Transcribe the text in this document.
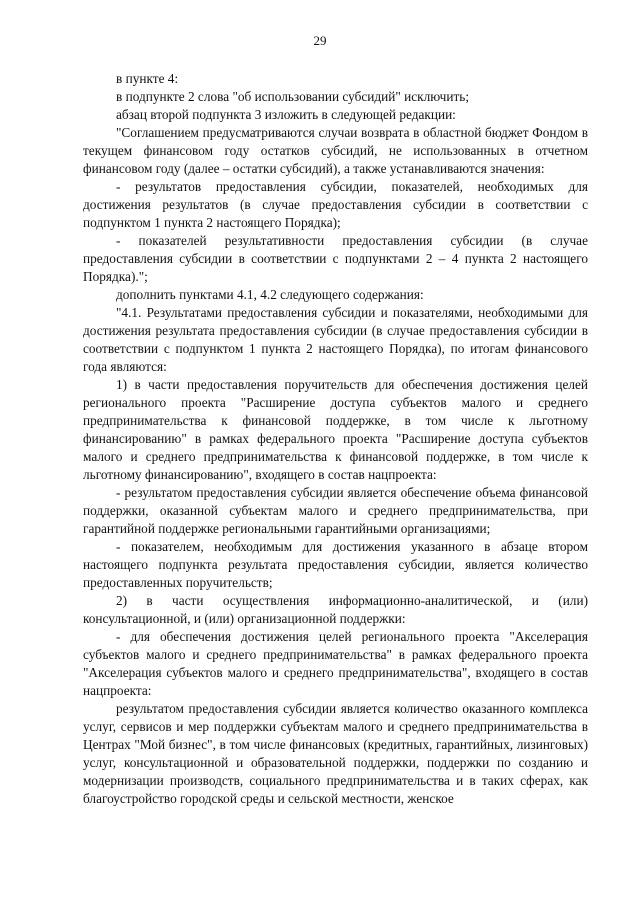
29

в пункте 4:

в подпункте 2 слова "об использовании субсидий" исключить;

абзац второй подпункта 3 изложить в следующей редакции:

"Соглашением предусматриваются случаи возврата в областной бюджет Фондом в текущем финансовом году остатков субсидий, не использованных в отчетном финансовом году (далее – остатки субсидий), а также устанавливаются значения:

- результатов предоставления субсидии, показателей, необходимых для достижения результатов (в случае предоставления субсидии в соответствии с подпунктом 1 пункта 2 настоящего Порядка);

- показателей результативности предоставления субсидии (в случае предоставления субсидии в соответствии с подпунктами 2 – 4 пункта 2 настоящего Порядка).";

дополнить пунктами 4.1, 4.2 следующего содержания:

"4.1. Результатами предоставления субсидии и показателями, необходимыми для достижения результата предоставления субсидии (в случае предоставления субсидии в соответствии с подпунктом 1 пункта 2 настоящего Порядка), по итогам финансового года являются:

1) в части предоставления поручительств для обеспечения достижения целей регионального проекта "Расширение доступа субъектов малого и среднего предпринимательства к финансовой поддержке, в том числе к льготному финансированию" в рамках федерального проекта "Расширение доступа субъектов малого и среднего предпринимательства к финансовой поддержке, в том числе к льготному финансированию", входящего в состав нацпроекта:

- результатом предоставления субсидии является обеспечение объема финансовой поддержки, оказанной субъектам малого и среднего предпринимательства, при гарантийной поддержке региональными гарантийными организациями;

- показателем, необходимым для достижения указанного в абзаце втором настоящего подпункта результата предоставления субсидии, является количество предоставленных поручительств;

2) в части осуществления информационно-аналитической, и (или) консультационной, и (или) организационной поддержки:

- для обеспечения достижения целей регионального проекта "Акселерация субъектов малого и среднего предпринимательства" в рамках федерального проекта "Акселерация субъектов малого и среднего предпринимательства", входящего в состав нацпроекта:

результатом предоставления субсидии является количество оказанного комплекса услуг, сервисов и мер поддержки субъектам малого и среднего предпринимательства в Центрах "Мой бизнес", в том числе финансовых (кредитных, гарантийных, лизинговых) услуг, консультационной и образовательной поддержки, поддержки по созданию и модернизации производств, социального предпринимательства и в таких сферах, как благоустройство городской среды и сельской местности, женское
